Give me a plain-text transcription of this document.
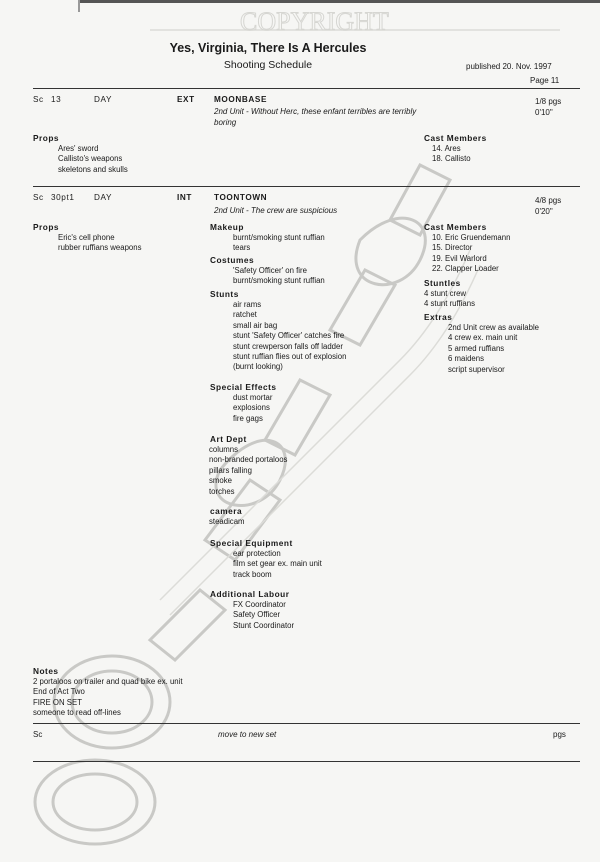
COPYRIGHT
Yes, Virginia, There Is A Hercules
Shooting Schedule	published 20. Nov. 1997
Page 11
Sc 13	DAY	EXT MOONBASE
2nd Unit - Without Herc, these enfant terribles are terribly
boring
1/8 pgs
0'10"
Props
Ares' sword
Callisto's weapons
skeletons and skulls
Cast Members
14. Ares
18. Callisto
Sc 30pt1 DAY	INT	TOONTOWN
2nd Unit - The crew are suspicious
4/8 pgs
0'20"
Props
Eric's cell phone
rubber ruffians weapons
Makeup
burnt/smoking stunt ruffian
tears
Costumes
'Safety Officer' on fire
burnt/smoking stunt ruffian
Stunts
air rams
ratchet
small air bag
stunt 'Safety Officer' catches fire
stunt crewperson falls off ladder
stunt ruffian flies out of explosion
(burnt looking)
Special Effects
dust mortar
explosions
fire gags
Art Dept
columns
non-branded portaloos
pillars falling
smoke
torches
camera
steadicam
Special Equipment
ear protection
film set gear ex. main unit
track boom
Additional Labour
FX Coordinator
Safety Officer
Stunt Coordinator
Cast Members
10. Eric Gruendemann
15. Director
19. Evil Warlord
22. Clapper Loader
Stuntles
4 stunt crew
4 stunt ruffians
Extras
2nd Unit crew as available
4 crew ex. main unit
5 armed ruffians
6 maidens
script supervisor
Notes
2 portaloos on trailer and quad bike ex. unit
End of Act Two
FIRE ON SET
someone to read off-lines
Sc	move to new set	pgs
